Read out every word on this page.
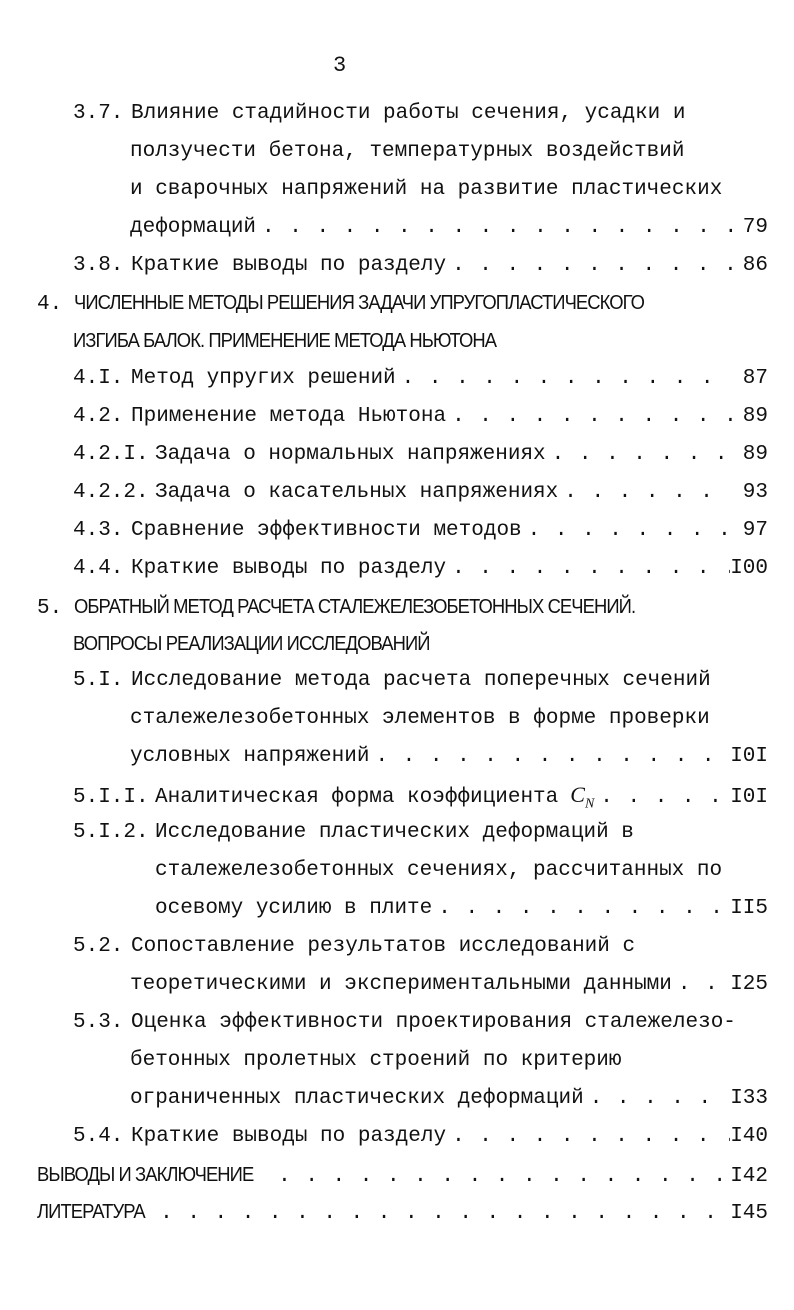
3
3.7. Влияние стадийности работы сечения, усадки и
ползучести бетона, температурных воздействий
и сварочных напряжений на развитие пластических
деформаций . . .	79
3.8. Краткие выводы по разделу . . .	86
4. ЧИСЛЕННЫЕ МЕТОДЫ РЕШЕНИЯ ЗАДАЧИ УПРУГОПЛАСТИЧЕСКОГО
ИЗГИБА БАЛОК. ПРИМЕНЕНИЕ МЕТОДА НЬЮТОНА
4.I. Метод упругих решений . . .	87
4.2. Применение метода Ньютона . . .	89
4.2.I. Задача о нормальных напряжениях . . .	89
4.2.2. Задача о касательных напряжениях . . .	93
4.3. Сравнение эффективности методов . . .	97
4.4. Краткие выводы по разделу . . .	I00
5. ОБРАТНЫЙ МЕТОД РАСЧЕТА СТАЛЕЖЕЛЕЗОБЕТОННЫХ СЕЧЕНИЙ.
ВОПРОСЫ РЕАЛИЗАЦИИ ИССЛЕДОВАНИЙ
5.I. Исследование метода расчета поперечных сечений
сталежелезобетонных элементов в форме проверки
условных напряжений . . .	I0I
5.I.I. Аналитическая форма коэффициента $C_N$ . . .	I0I
5.I.2. Исследование пластических деформаций в
сталежелезобетонных сечениях, рассчитанных по
осевому усилию в плите . . .	II5
5.2. Сопоставление результатов исследований с
теоретическими и экспериментальными данными . . .	I25
5.3. Оценка эффективности проектирования сталежелезо-
бетонных пролетных строений по критерию
ограниченных пластических деформаций . . .	I33
5.4. Краткие выводы по разделу . . .	I40
ВЫВОДЫ И ЗАКЛЮЧЕНИЕ . . .	I42
ЛИТЕРАТУРА . . .	I45
